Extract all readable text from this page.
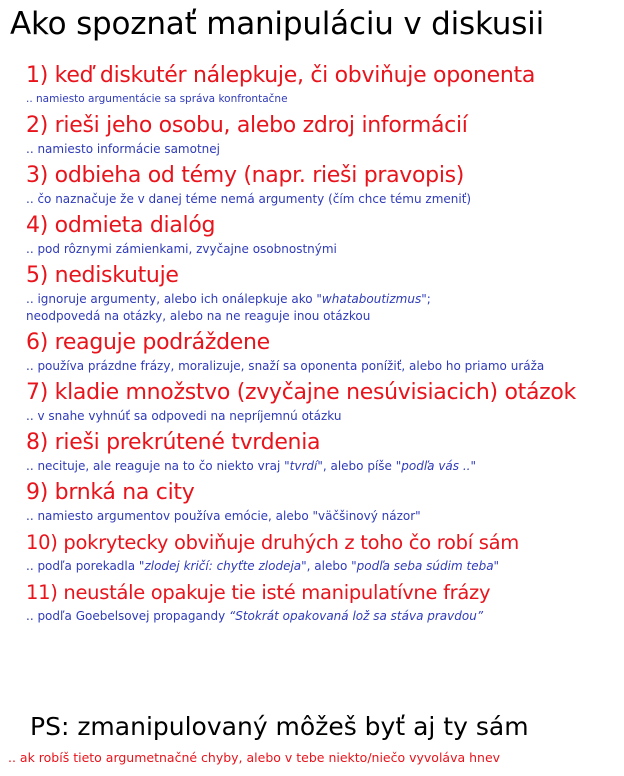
Ako spoznať manipuláciu v diskusii
1) keď diskutér nálepkuje, či obviňuje oponenta
.. namiesto argumentácie sa správa konfrontačne
2) rieši jeho osobu, alebo zdroj informácií
.. namiesto informácie samotnej
3) odbieha od témy (napr. rieši pravopis)
.. čo naznačuje že v danej téme nemá argumenty (čím chce tému zmeniť)
4) odmieta dialóg
.. pod rôznymi zámienkami, zvyčajne osobnostnými
5) nediskutuje
.. ignoruje argumenty, alebo ich onálepkuje ako "whataboutizmus";
neodpovedá na otázky, alebo na ne reaguje inou otázkou
6) reaguje podráždene
.. používa prázdne frázy, moralizuje, snaží sa oponenta ponížiť, alebo ho priamo uráža
7) kladie množstvo (zvyčajne nesúvisiacich) otázok
.. v snahe vyhnúť sa odpovedi na nepríjemnú otázku
8) rieši prekrútené tvrdenia
.. necituje, ale reaguje na to čo niekto vraj "tvrdí", alebo píše "podľa vás .."
9) brnká na city
.. namiesto argumentov používa emócie, alebo "väčšinový názor"
10) pokrytecky obviňuje druhých z toho čo robí sám
.. podľa porekadla "zlodej kričí: chyťte zlodeja", alebo "podľa seba súdim teba"
11) neustále opakuje tie isté manipulatívne frázy
.. podľa Goebelsovej propagandy “Stokrát opakovaná lož sa stáva pravdou”
PS: zmanipulovaný môžeš byť aj ty sám
.. ak robíš tieto argumetnačné chyby, alebo v tebe niekto/niečo vyvoláva hnev
